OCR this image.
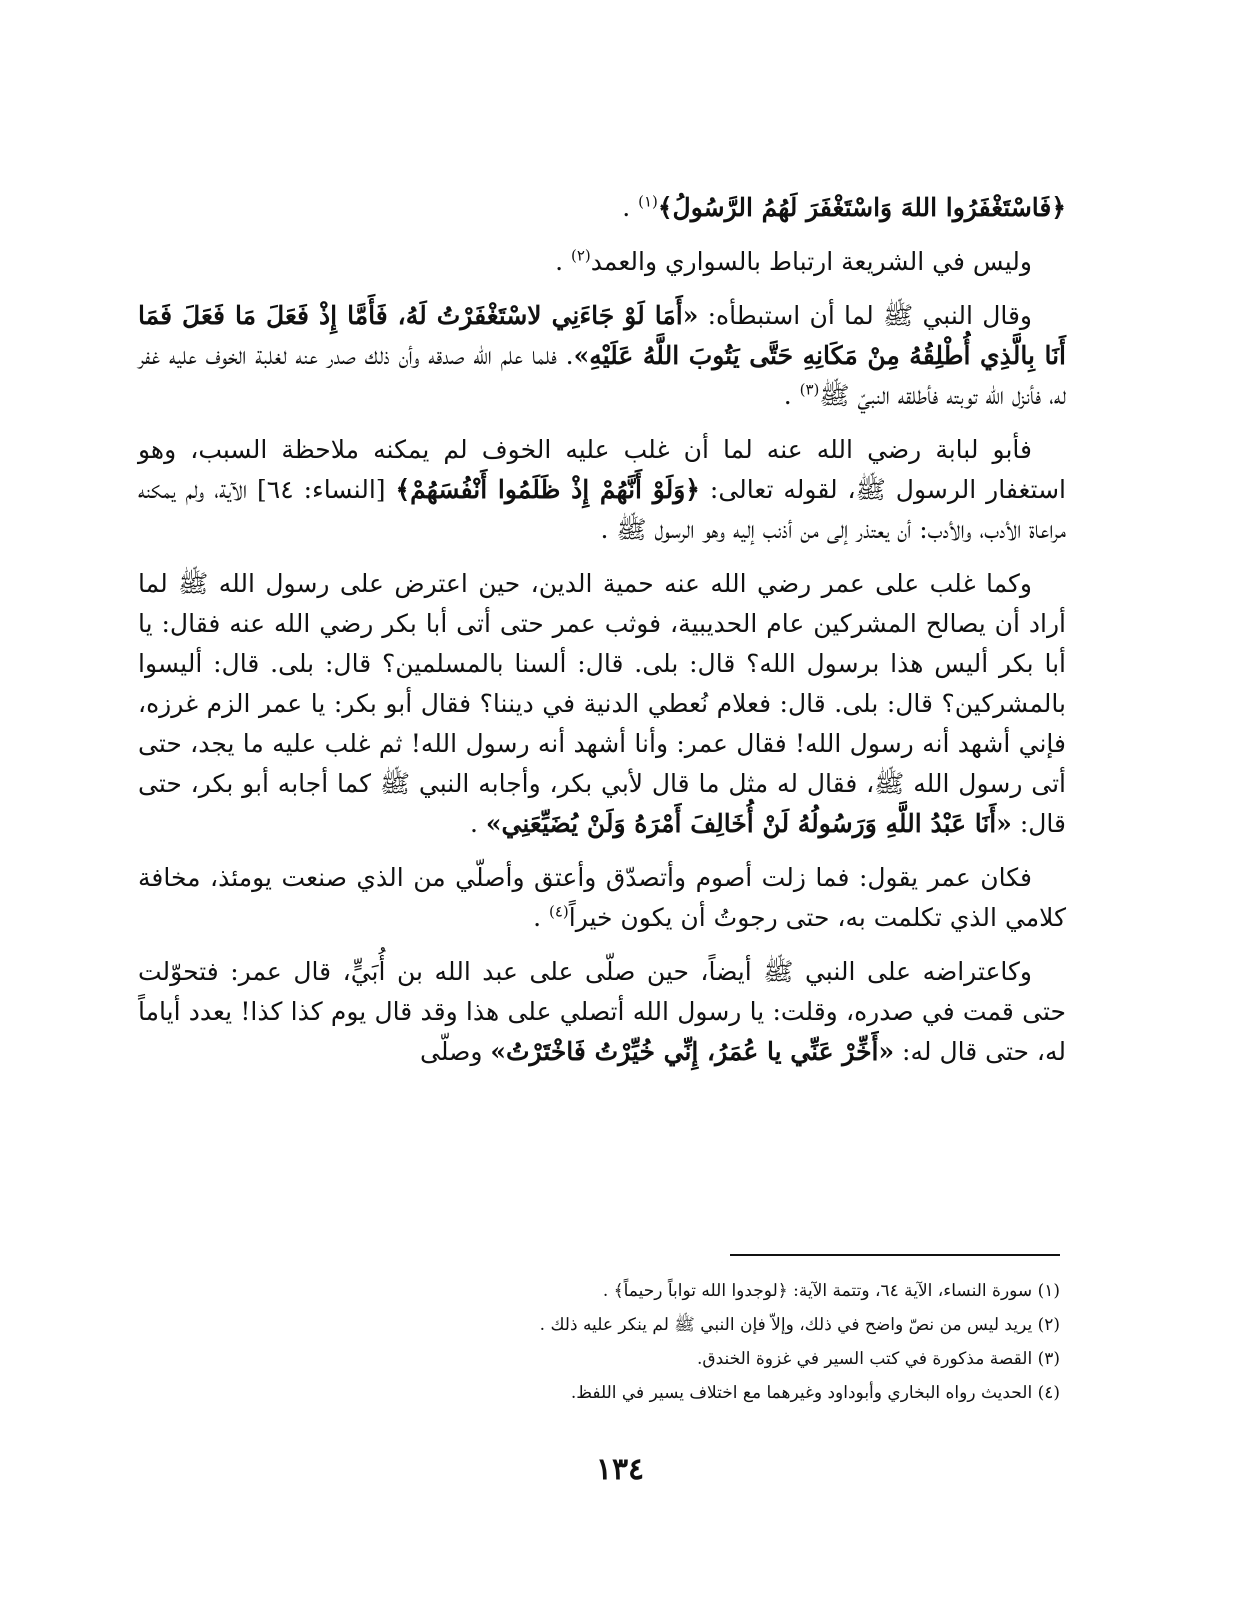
﴿فَاسْتَغْفَرُوا اللهَ وَاسْتَغْفَرَ لَهُمُ الرَّسُولُ﴾$^{(١)}$ .

وليس في الشريعة ارتباط بالسواري والعمد$^{(٢)}$ .

وقال النبي ﷺ لما أن استبطأه: «أَمَا لَوْ جَاءَنِي لاسْتَغْفَرْتُ لَهُ، فَأَمَّا إِذْ فَعَلَ مَا فَعَلَ فَمَا أَنَا بِالَّذِي أُطْلِقُهُ مِنْ مَكَانِهِ حَتَّى يَتُوبَ اللَّهُ عَلَيْهِ». فلما علم الله صدقه وأن ذلك صدر عنه لغلبة الخوف عليه غفر له، فأنزل الله توبته فأطلقه النبيّ ﷺ$^{(٣)}$ .

فأبو لبابة رضي الله عنه لما أن غلب عليه الخوف لم يمكنه ملاحظة السبب، وهو استغفار الرسول ﷺ، لقوله تعالى: ﴿وَلَوْ أَنَّهُمْ إِذْ ظَلَمُوا أَنْفُسَهُمْ﴾ [النساء: ٦٤] الآية، ولم يمكنه مراعاة الأدب، والأدب: أن يعتذر إلى من أذنب إليه وهو الرسول ﷺ .

وكما غلب على عمر رضي الله عنه حمية الدين، حين اعترض على رسول الله ﷺ لما أراد أن يصالح المشركين عام الحديبية، فوثب عمر حتى أتى أبا بكر رضي الله عنه فقال: يا أبا بكر أليس هذا برسول الله؟ قال: بلى. قال: ألسنا بالمسلمين؟ قال: بلى. قال: أليسوا بالمشركين؟ قال: بلى. قال: فعلام نُعطي الدنية في ديننا؟ فقال أبو بكر: يا عمر الزم غرزه، فإني أشهد أنه رسول الله! فقال عمر: وأنا أشهد أنه رسول الله! ثم غلب عليه ما يجد، حتى أتى رسول الله ﷺ، فقال له مثل ما قال لأبي بكر، وأجابه النبي ﷺ كما أجابه أبو بكر، حتى قال: «أَنَا عَبْدُ اللَّهِ وَرَسُولُهُ لَنْ أُخَالِفَ أَمْرَهُ وَلَنْ يُضَيِّعَنِي» .

فكان عمر يقول: فما زلت أصوم وأتصدّق وأعتق وأصلّي من الذي صنعت يومئذ، مخافة كلامي الذي تكلمت به، حتى رجوتُ أن يكون خيراً$^{(٤)}$ .

وكاعتراضه على النبي ﷺ أيضاً، حين صلّى على عبد الله بن أُبَيٍّ، قال عمر: فتحوّلت حتى قمت في صدره، وقلت: يا رسول الله أتصلي على هذا وقد قال يوم كذا كذا! يعدد أياماً له، حتى قال له: «أَخِّرْ عَنِّي يا عُمَرُ، إِنِّي خُيِّرْتُ فَاخْتَرْتُ» وصلّى

(١) سورة النساء، الآية ٦٤، وتتمة الآية: ﴿لوجدوا الله تواباً رحيماً﴾ .

(٢) يريد ليس من نصّ واضح في ذلك، وإلاّ فإن النبي ﷺ لم ينكر عليه ذلك .

(٣) القصة مذكورة في كتب السير في غزوة الخندق.

(٤) الحديث رواه البخاري وأبوداود وغيرهما مع اختلاف يسير في اللفظ.

١٣٤
